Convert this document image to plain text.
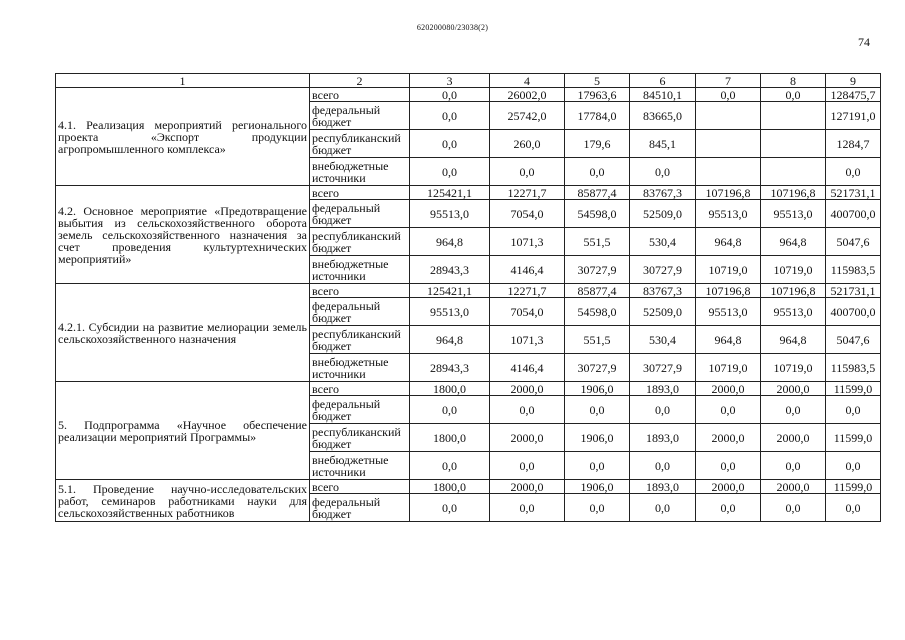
620200080/23038(2)
74
1	2	3	4	5	6	7	8	9
4.1. Реализация мероприятий регионального проекта «Экспорт продукции агропромышленного комплекса»	всего	0,0	26002,0	17963,6	84510,1	0,0	0,0	128475,7
	федеральный бюджет	0,0	25742,0	17784,0	83665,0			127191,0
	республиканский бюджет	0,0	260,0	179,6	845,1			1284,7
	внебюджетные источники	0,0	0,0	0,0	0,0			0,0
4.2. Основное мероприятие «Предотвращение выбытия из сельскохозяйственного оборота земель сельскохозяйственного назначения за счет проведения культуртехнических мероприятий»	всего	125421,1	12271,7	85877,4	83767,3	107196,8	107196,8	521731,1
	федеральный бюджет	95513,0	7054,0	54598,0	52509,0	95513,0	95513,0	400700,0
	республиканский бюджет	964,8	1071,3	551,5	530,4	964,8	964,8	5047,6
	внебюджетные источники	28943,3	4146,4	30727,9	30727,9	10719,0	10719,0	115983,5
4.2.1. Субсидии на развитие мелиорации земель сельскохозяйственного назначения	всего	125421,1	12271,7	85877,4	83767,3	107196,8	107196,8	521731,1
	федеральный бюджет	95513,0	7054,0	54598,0	52509,0	95513,0	95513,0	400700,0
	республиканский бюджет	964,8	1071,3	551,5	530,4	964,8	964,8	5047,6
	внебюджетные источники	28943,3	4146,4	30727,9	30727,9	10719,0	10719,0	115983,5
5. Подпрограмма «Научное обеспечение реализации мероприятий Программы»	всего	1800,0	2000,0	1906,0	1893,0	2000,0	2000,0	11599,0
	федеральный бюджет	0,0	0,0	0,0	0,0	0,0	0,0	0,0
	республиканский бюджет	1800,0	2000,0	1906,0	1893,0	2000,0	2000,0	11599,0
	внебюджетные источники	0,0	0,0	0,0	0,0	0,0	0,0	0,0
5.1. Проведение научно-исследовательских работ, семинаров работниками науки для сельскохозяйственных работников	всего	1800,0	2000,0	1906,0	1893,0	2000,0	2000,0	11599,0
	федеральный бюджет	0,0	0,0	0,0	0,0	0,0	0,0	0,0
